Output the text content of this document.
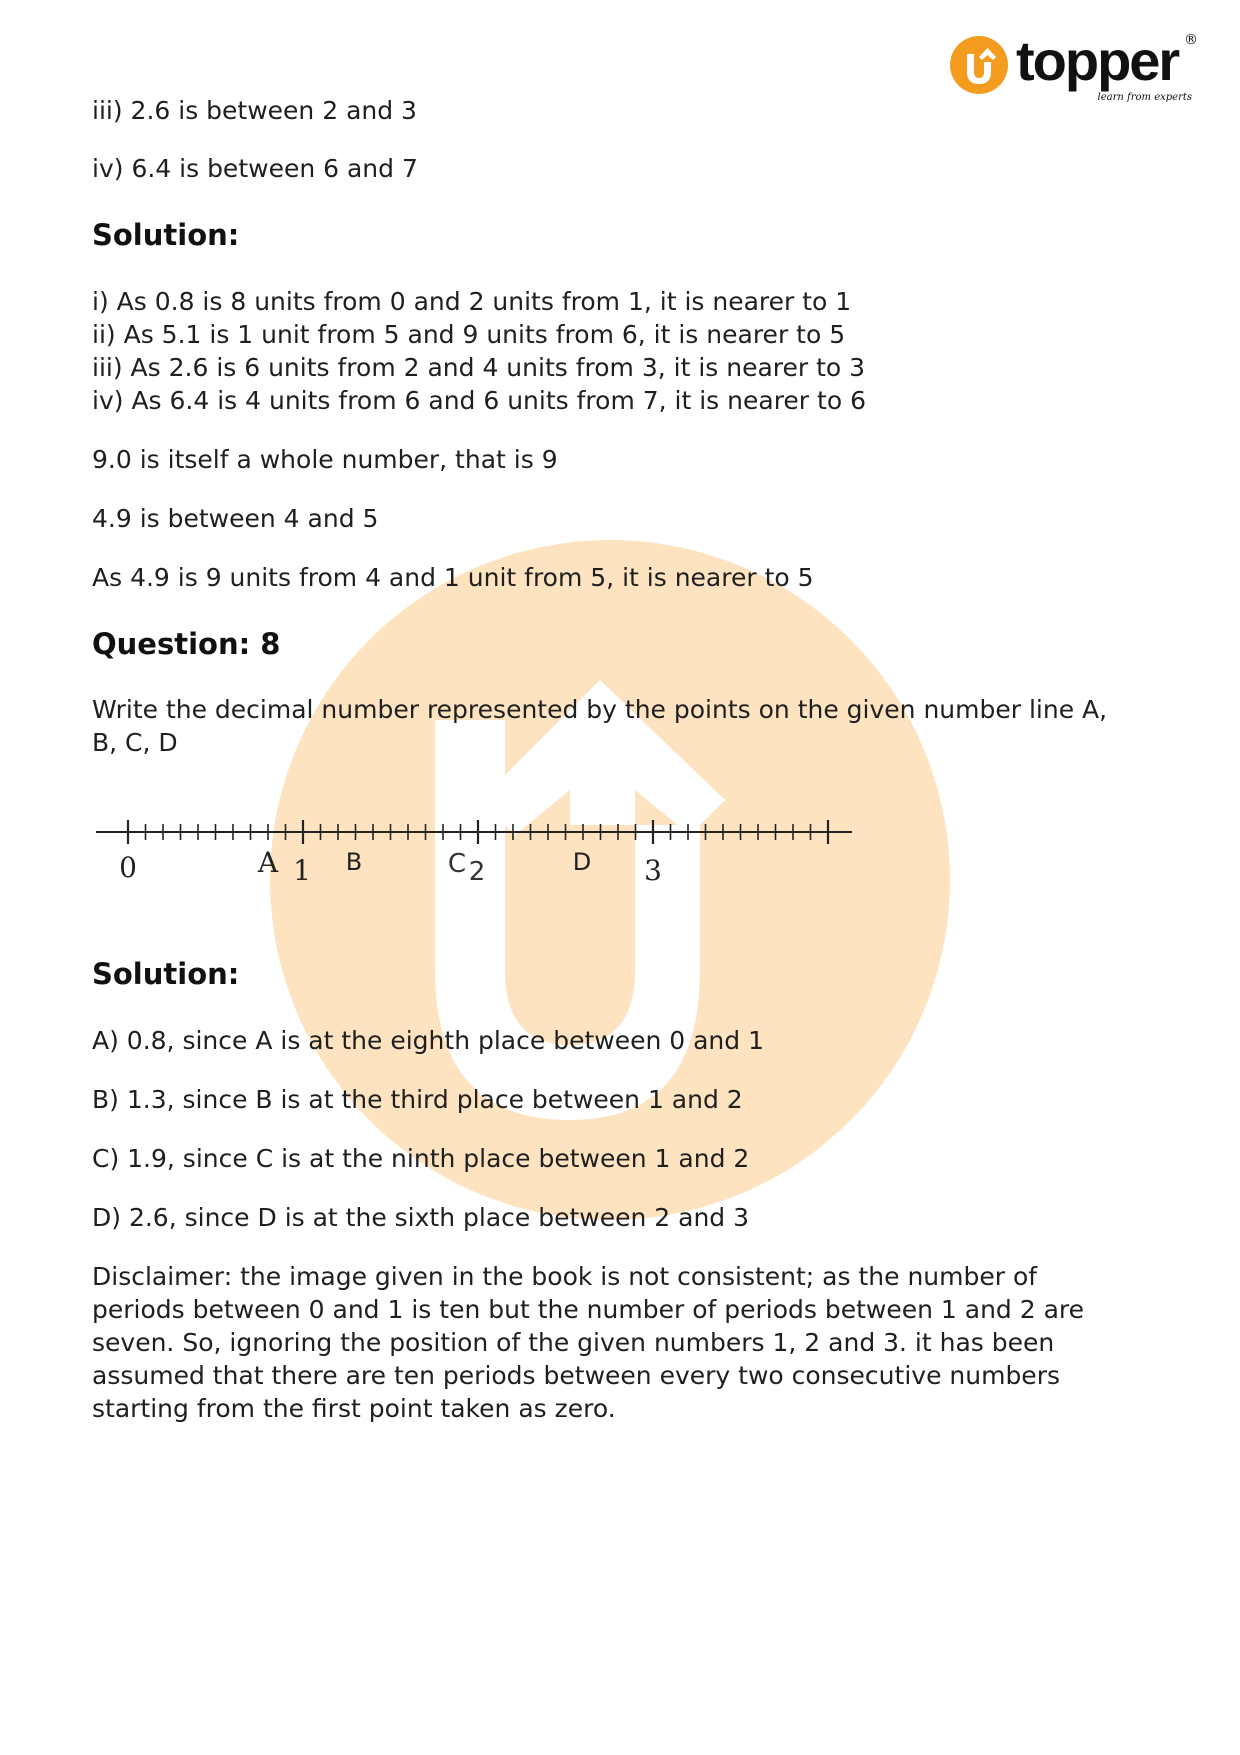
topper ®
learn from experts
iii) 2.6 is between 2 and 3
iv) 6.4 is between 6 and 7
Solution:
i) As 0.8 is 8 units from 0 and 2 units from 1, it is nearer to 1
ii) As 5.1 is 1 unit from 5 and 9 units from 6, it is nearer to 5
iii) As 2.6 is 6 units from 2 and 4 units from 3, it is nearer to 3
iv) As 6.4 is 4 units from 6 and 6 units from 7, it is nearer to 6
9.0 is itself a whole number, that is 9
4.9 is between 4 and 5
As 4.9 is 9 units from 4 and 1 unit from 5, it is nearer to 5
Question: 8
Write the decimal number represented by the points on the given number line A,
B, C, D
0	A 1 B	C 2	D 3
Solution:
A) 0.8, since A is at the eighth place between 0 and 1
B) 1.3, since B is at the third place between 1 and 2
C) 1.9, since C is at the ninth place between 1 and 2
D) 2.6, since D is at the sixth place between 2 and 3
Disclaimer: the image given in the book is not consistent; as the number of
periods between 0 and 1 is ten but the number of periods between 1 and 2 are
seven. So, ignoring the position of the given numbers 1, 2 and 3. it has been
assumed that there are ten periods between every two consecutive numbers
starting from the first point taken as zero.
